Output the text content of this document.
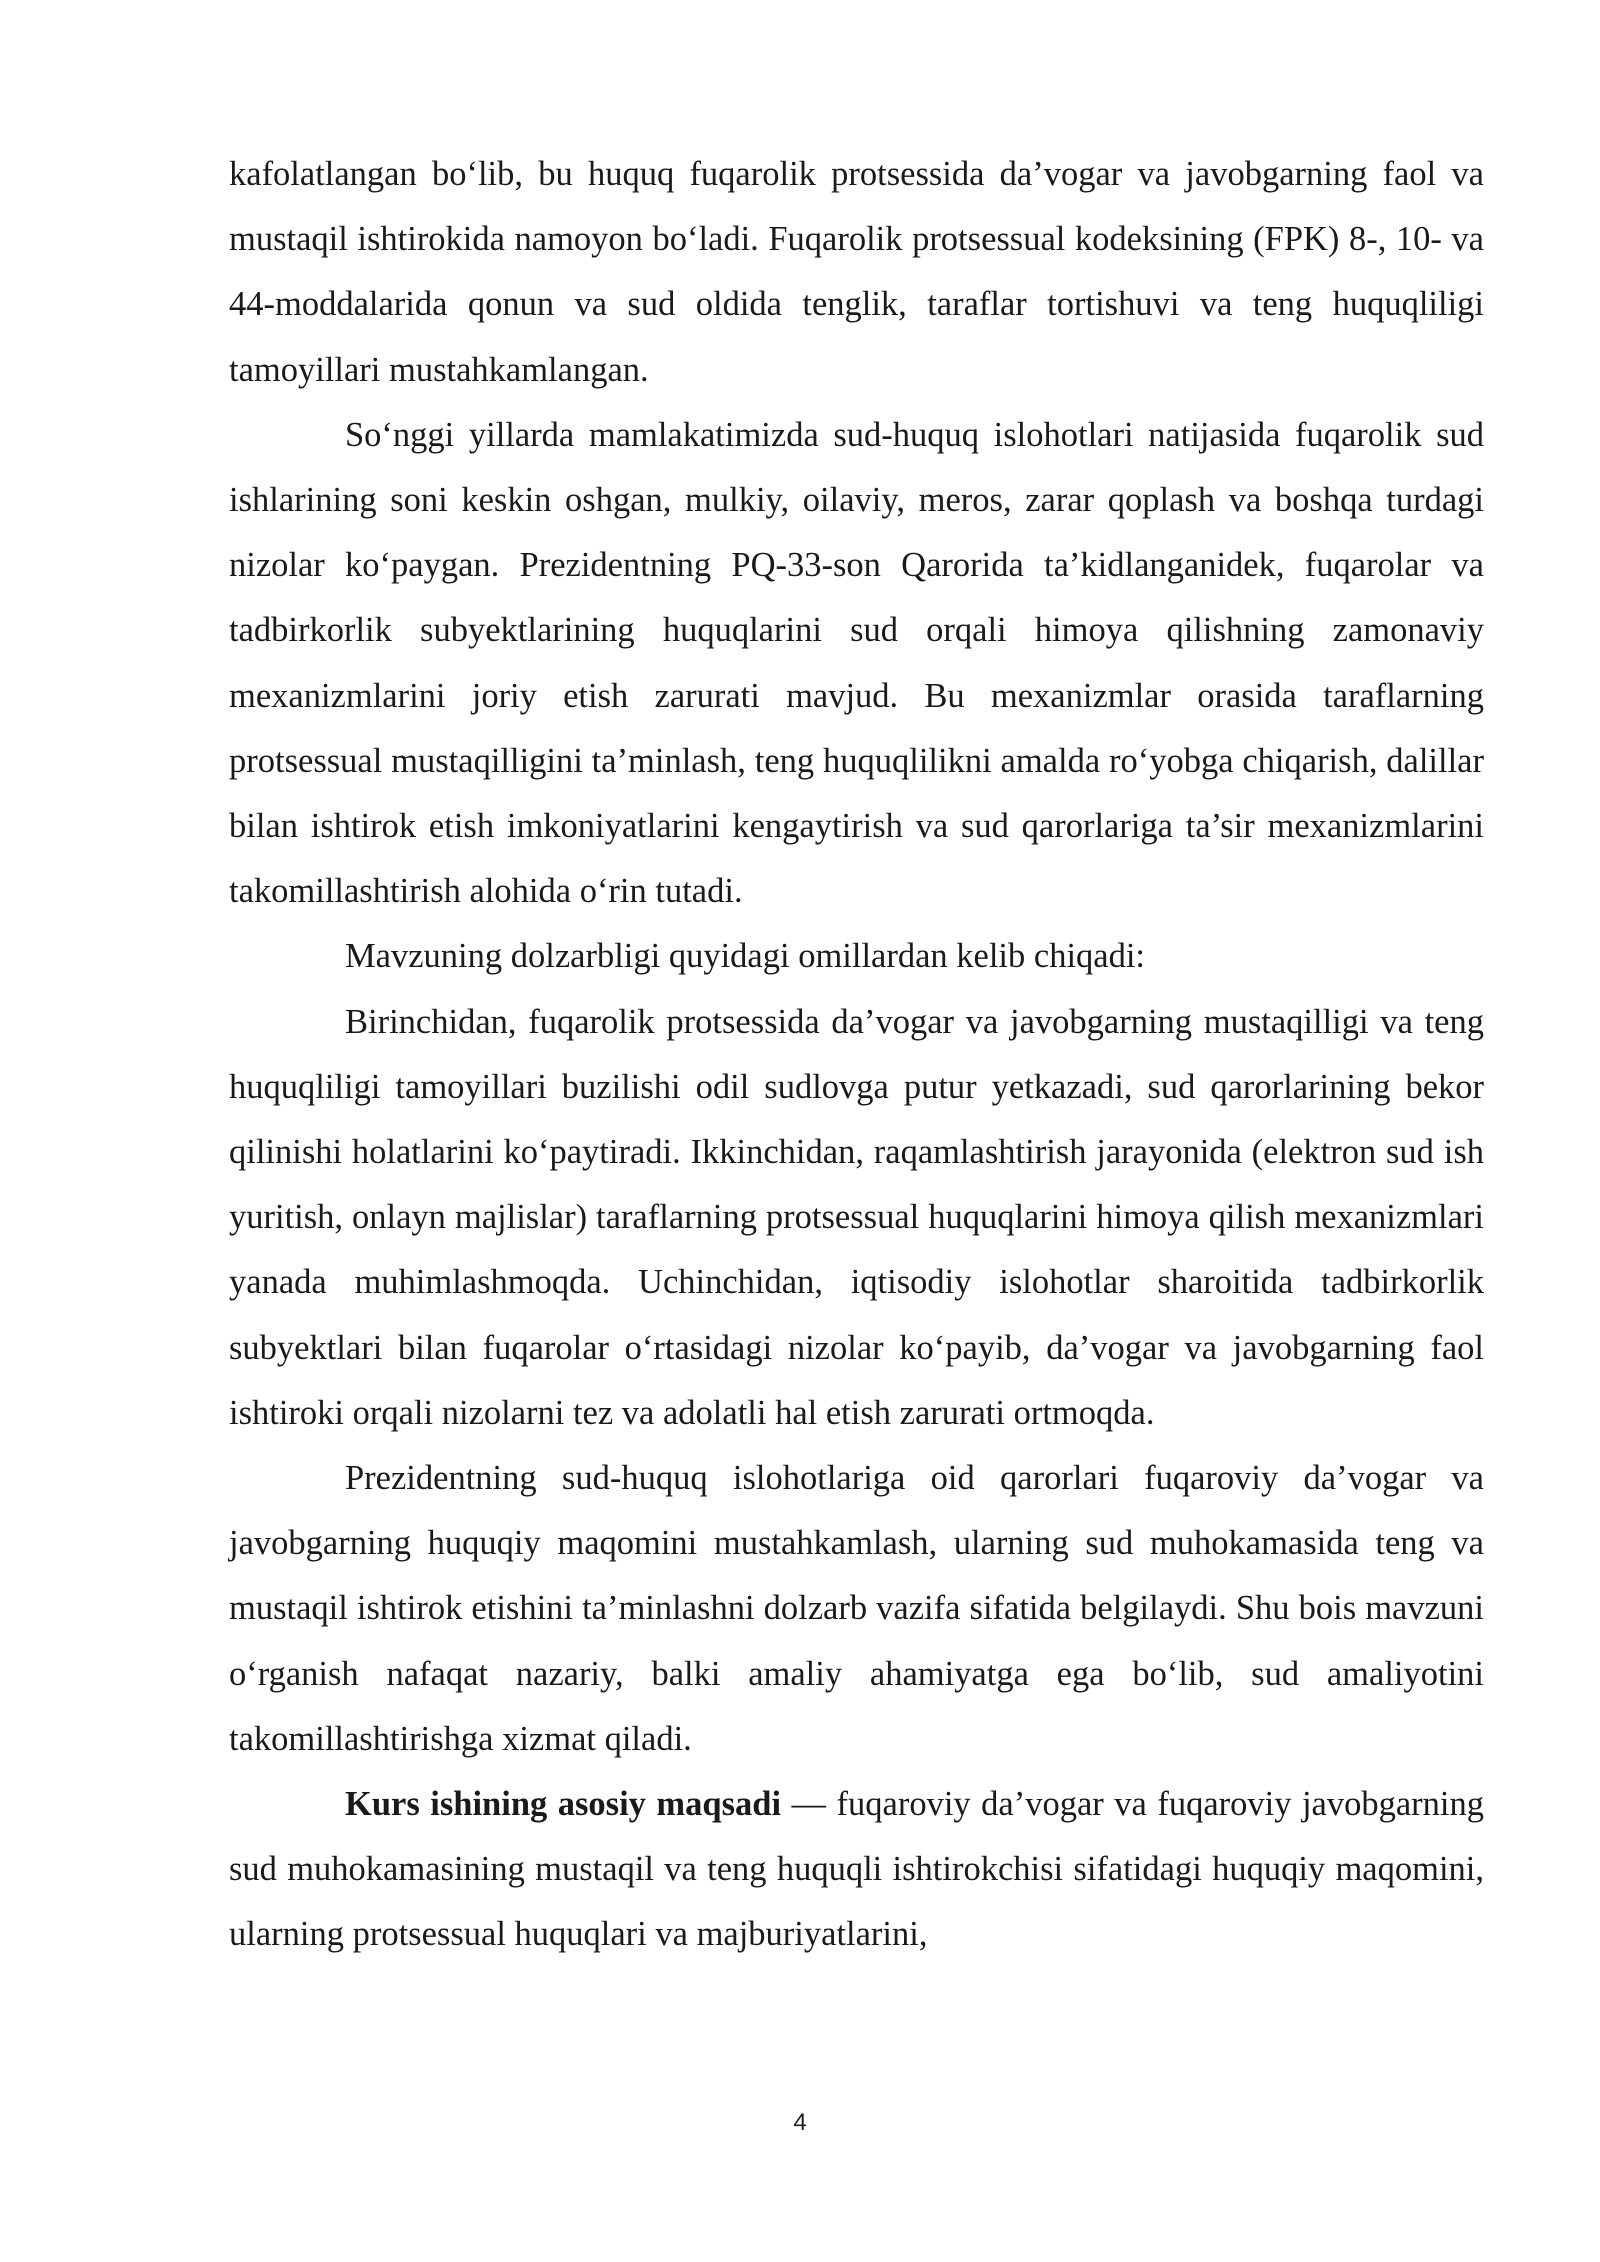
kafolatlangan bo‘lib, bu huquq fuqarolik protsessida da’vogar va javobgarning faol va mustaqil ishtirokida namoyon bo‘ladi. Fuqarolik protsessual kodeksining (FPK) 8-, 10- va 44-moddalarida qonun va sud oldida tenglik, taraflar tortishuvi va teng huquqliligi tamoyillari mustahkamlangan.

So‘nggi yillarda mamlakatimizda sud-huquq islohotlari natijasida fuqarolik sud ishlarining soni keskin oshgan, mulkiy, oilaviy, meros, zarar qoplash va boshqa turdagi nizolar ko‘paygan. Prezidentning PQ-33-son Qarorida ta’kidlanganidek, fuqarolar va tadbirkorlik subyektlarining huquqlarini sud orqali himoya qilishning zamonaviy mexanizmlarini joriy etish zarurati mavjud. Bu mexanizmlar orasida taraflarning protsessual mustaqilligini ta’minlash, teng huquqlilikni amalda ro‘yobga chiqarish, dalillar bilan ishtirok etish imkoniyatlarini kengaytirish va sud qarorlariga ta’sir mexanizmlarini takomillashtirish alohida o‘rin tutadi.

Mavzuning dolzarbligi quyidagi omillardan kelib chiqadi:

Birinchidan, fuqarolik protsessida da’vogar va javobgarning mustaqilligi va teng huquqliligi tamoyillari buzilishi odil sudlovga putur yetkazadi, sud qarorlarining bekor qilinishi holatlarini ko‘paytiradi. Ikkinchidan, raqamlashtirish jarayonida (elektron sud ish yuritish, onlayn majlislar) taraflarning protsessual huquqlarini himoya qilish mexanizmlari yanada muhimlashmoqda. Uchinchidan, iqtisodiy islohotlar sharoitida tadbirkorlik subyektlari bilan fuqarolar o‘rtasidagi nizolar ko‘payib, da’vogar va javobgarning faol ishtiroki orqali nizolarni tez va adolatli hal etish zarurati ortmoqda.

Prezidentning sud-huquq islohotlariga oid qarorlari fuqaroviy da’vogar va javobgarning huquqiy maqomini mustahkamlash, ularning sud muhokamasida teng va mustaqil ishtirok etishini ta’minlashni dolzarb vazifa sifatida belgilaydi. Shu bois mavzuni o‘rganish nafaqat nazariy, balki amaliy ahamiyatga ega bo‘lib, sud amaliyotini takomillashtirishga xizmat qiladi.

Kurs ishining asosiy maqsadi — fuqaroviy da’vogar va fuqaroviy javobgarning sud muhokamasining mustaqil va teng huquqli ishtirokchisi sifatidagi huquqiy maqomini, ularning protsessual huquqlari va majburiyatlarini,

4
